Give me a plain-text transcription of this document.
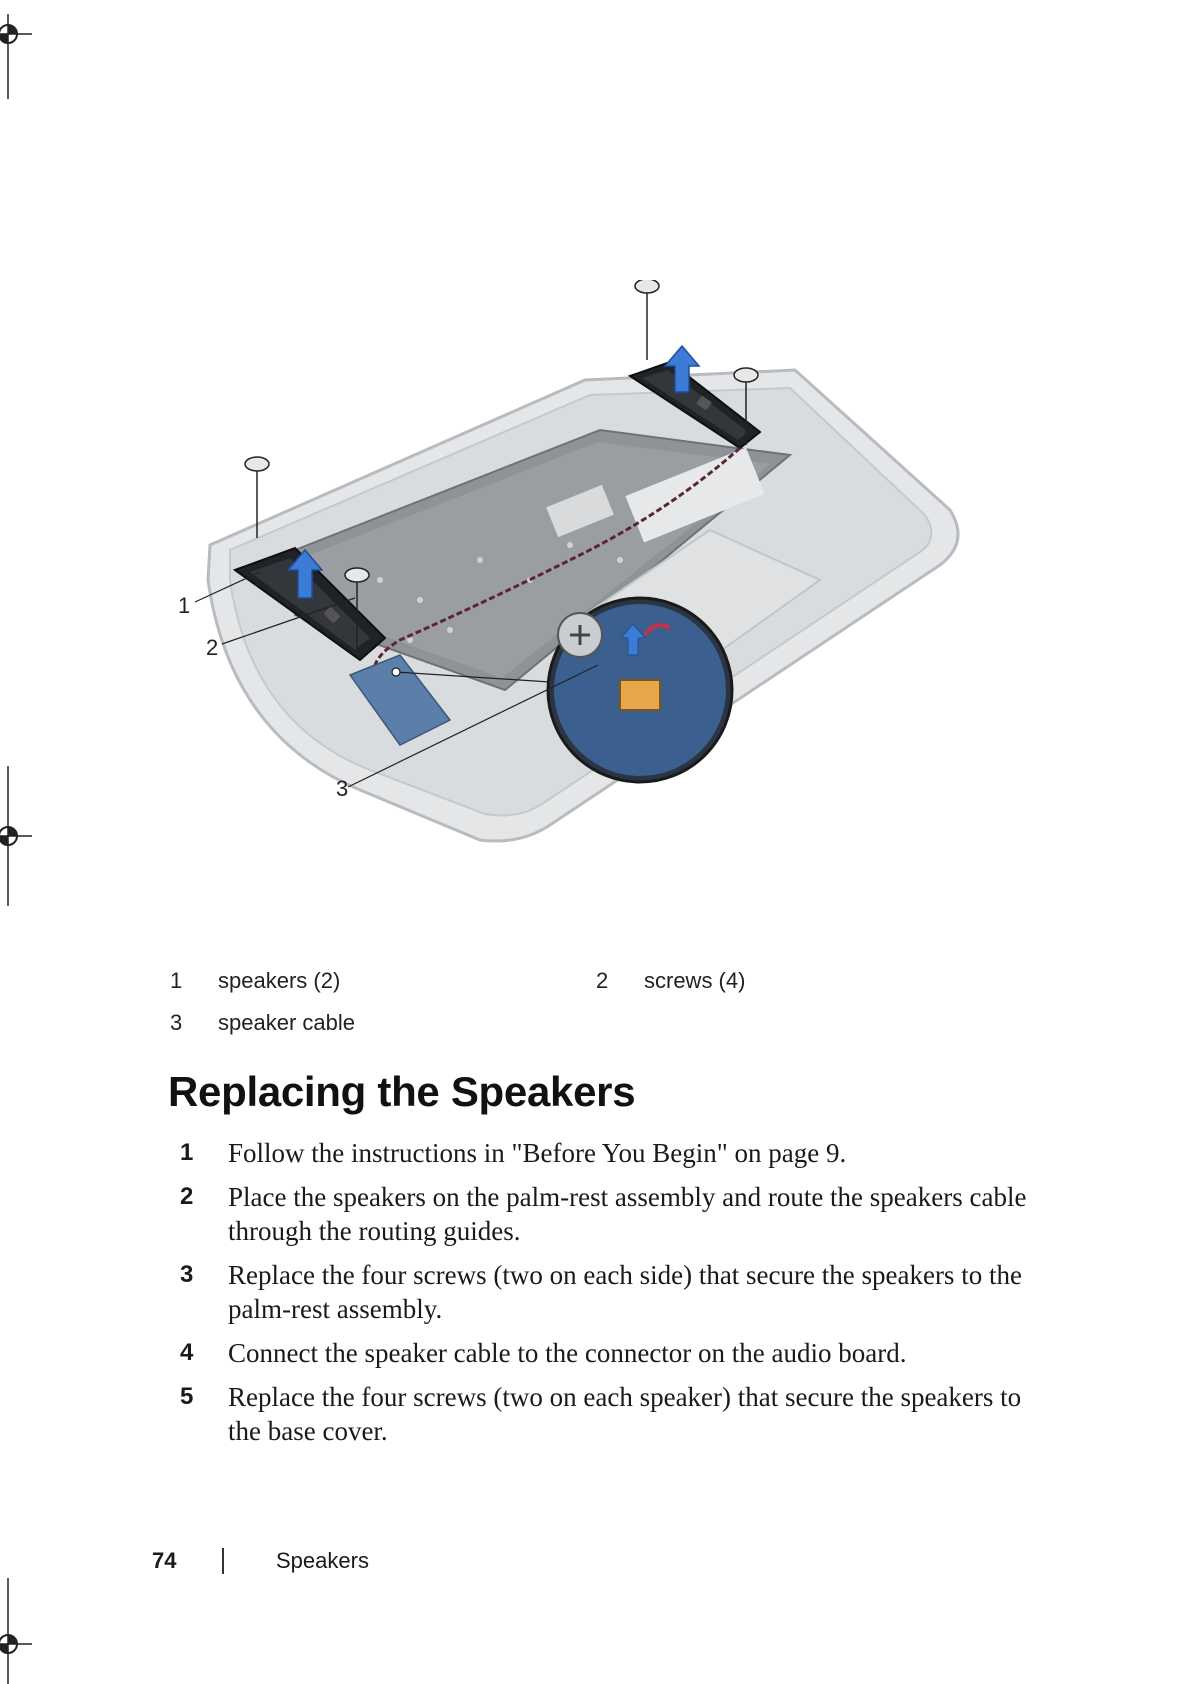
1
2
3
1	speakers (2)	2	screws (4)
3	speaker cable
Replacing the Speakers
1	Follow the instructions in "Before You Begin" on page 9.
2	Place the speakers on the palm-rest assembly and route the speakers cable through the routing guides.
3	Replace the four screws (two on each side) that secure the speakers to the palm-rest assembly.
4	Connect the speaker cable to the connector on the audio board.
5	Replace the four screws (two on each speaker) that secure the speakers to the base cover.
74	Speakers
